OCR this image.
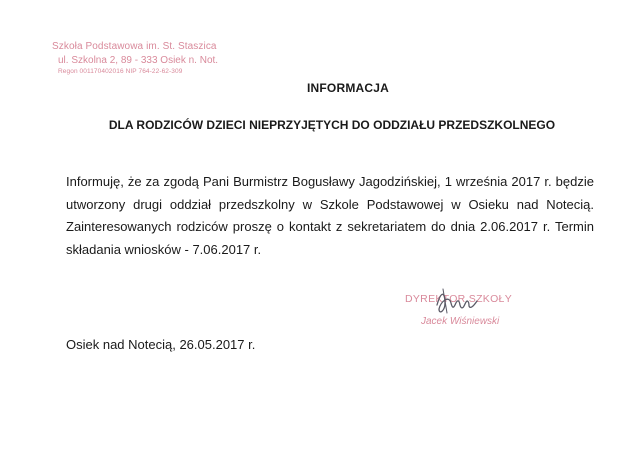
Szkoła Podstawowa im. St. Staszica
ul. Szkolna 2, 89 - 333 Osiek n. Not.
Regon 001170402016 NIP 764-22-62-309
INFORMACJA
DLA RODZICÓW DZIECI NIEPRZYJĘTYCH DO ODDZIAŁU PRZEDSZKOLNEGO
Informuję, że za zgodą Pani Burmistrz Bogusławy Jagodzińskiej, 1 września 2017 r. będzie utworzony drugi oddział przedszkolny w Szkole Podstawowej w Osieku nad Notecią. Zainteresowanych rodziców proszę o kontakt z sekretariatem do dnia 2.06.2017 r. Termin składania wniosków - 7.06.2017 r.
DYREKTOR SZKOŁY
Jacek Wiśniewski
Osiek nad Notecią, 26.05.2017 r.
